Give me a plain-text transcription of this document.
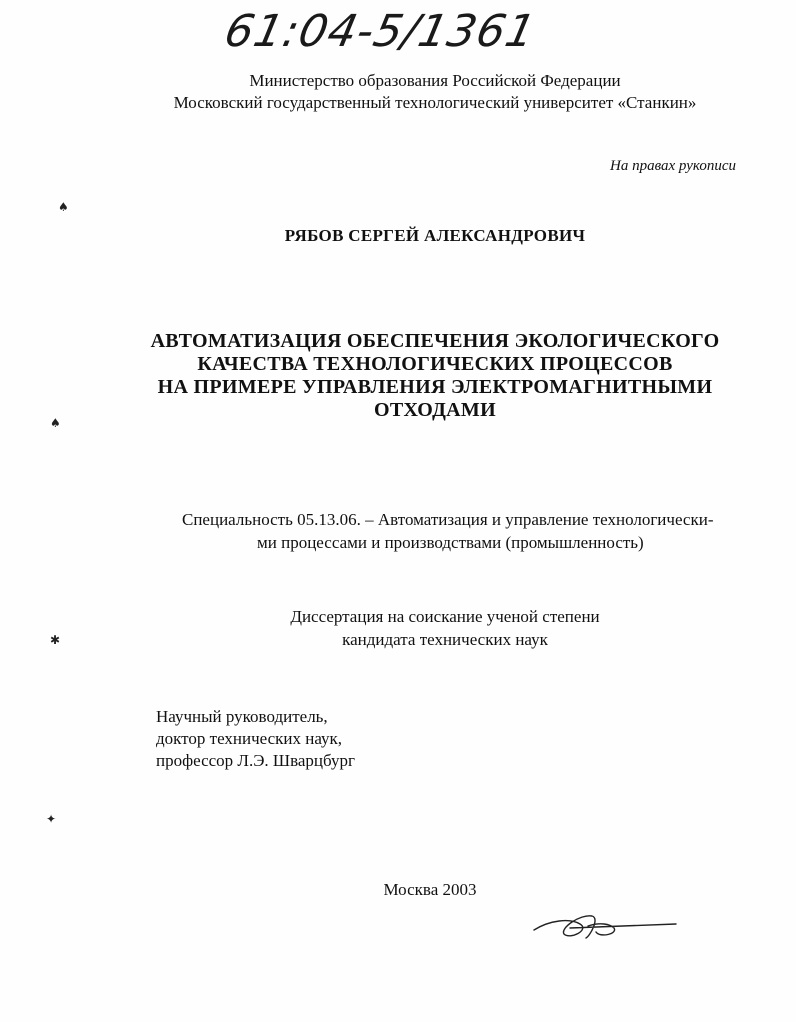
61:04-5/1361
Министерство образования Российской Федерации
Московский государственный технологический университет «Станкин»
На правах рукописи
♠
♠
✱
✦
РЯБОВ СЕРГЕЙ АЛЕКСАНДРОВИЧ
АВТОМАТИЗАЦИЯ ОБЕСПЕЧЕНИЯ ЭКОЛОГИЧЕСКОГО
КАЧЕСТВА ТЕХНОЛОГИЧЕСКИХ ПРОЦЕССОВ
НА ПРИМЕРЕ УПРАВЛЕНИЯ ЭЛЕКТРОМАГНИТНЫМИ
ОТХОДАМИ
Специальность 05.13.06. – Автоматизация и управление технологически-
ми процессами и производствами (промышленность)
Диссертация на соискание ученой степени
кандидата технических наук
Научный руководитель,
доктор технических наук,
профессор Л.Э. Шварцбург
Москва 2003
